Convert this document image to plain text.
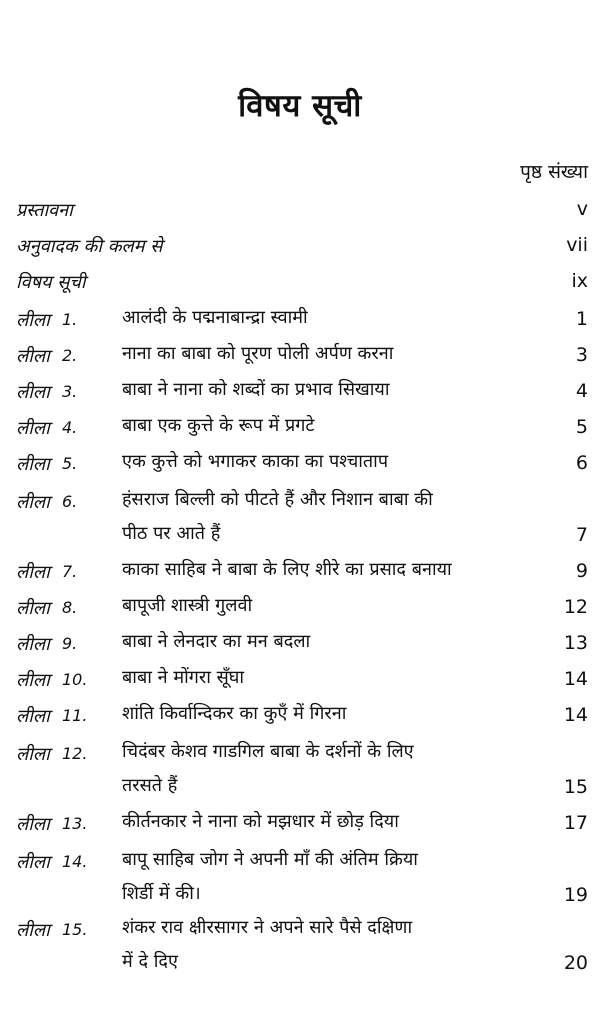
विषय सूची
पृष्ठ संख्या
प्रस्तावना	v
अनुवादक की कलम से	vii
विषय सूची	ix
लीला 1. आलंदी के पद्मनाबान्द्रा स्वामी	1
लीला 2. नाना का बाबा को पूरण पोली अर्पण करना	3
लीला 3. बाबा ने नाना को शब्दों का प्रभाव सिखाया	4
लीला 4. बाबा एक कुत्ते के रूप में प्रगटे	5
लीला 5. एक कुत्ते को भगाकर काका का पश्चाताप	6
लीला 6. हंसराज बिल्ली को पीटते हैं और निशान बाबा की
पीठ पर आते हैं	7
लीला 7. काका साहिब ने बाबा के लिए शीरे का प्रसाद बनाया	9
लीला 8. बापूजी शास्त्री गुलवी	12
लीला 9. बाबा ने लेनदार का मन बदला	13
लीला 10. बाबा ने मोंगरा सूँघा	14
लीला 11. शांति किर्वान्दिकर का कुएँ में गिरना	14
लीला 12. चिदंबर केशव गाडगिल बाबा के दर्शनों के लिए
तरसते हैं	15
लीला 13. कीर्तनकार ने नाना को मझधार में छोड़ दिया	17
लीला 14. बापू साहिब जोग ने अपनी माँ की अंतिम क्रिया
शिर्डी में की।	19
लीला 15. शंकर राव क्षीरसागर ने अपने सारे पैसे दक्षिणा
में दे दिए	20
